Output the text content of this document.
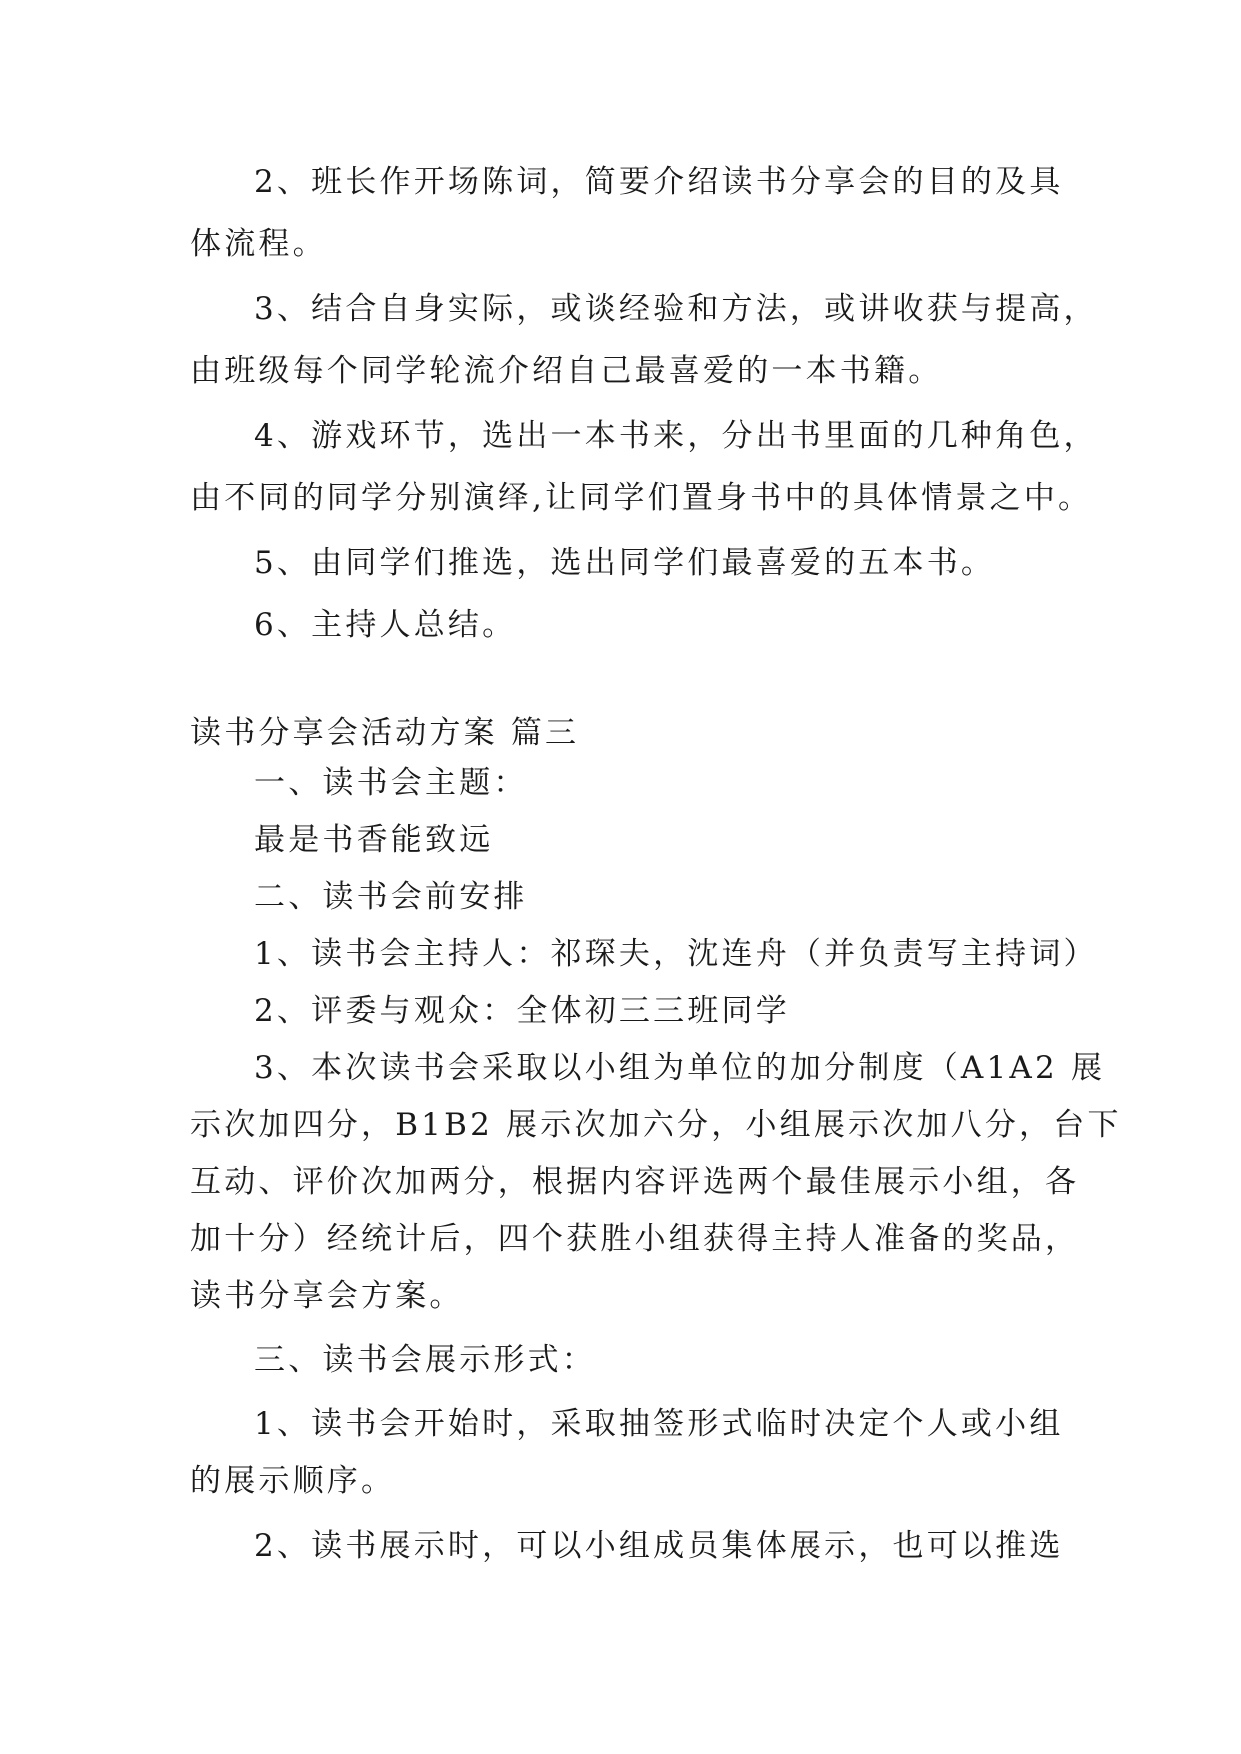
2、班长作开场陈词，简要介绍读书分享会的目的及具
体流程。
3、结合自身实际，或谈经验和方法，或讲收获与提高，
由班级每个同学轮流介绍自己最喜爱的一本书籍。
4、游戏环节，选出一本书来，分出书里面的几种角色，
由不同的同学分别演绎,让同学们置身书中的具体情景之中。
5、由同学们推选，选出同学们最喜爱的五本书。
6、主持人总结。
读书分享会活动方案 篇三
一、读书会主题：
最是书香能致远
二、读书会前安排
1、读书会主持人：祁琛夫，沈连舟（并负责写主持词）
2、评委与观众：全体初三三班同学
3、本次读书会采取以小组为单位的加分制度（A1A2 展
示次加四分，B1B2 展示次加六分，小组展示次加八分，台下
互动、评价次加两分，根据内容评选两个最佳展示小组，各
加十分）经统计后，四个获胜小组获得主持人准备的奖品，
读书分享会方案。
三、读书会展示形式：
1、读书会开始时，采取抽签形式临时决定个人或小组
的展示顺序。
2、读书展示时，可以小组成员集体展示，也可以推选
